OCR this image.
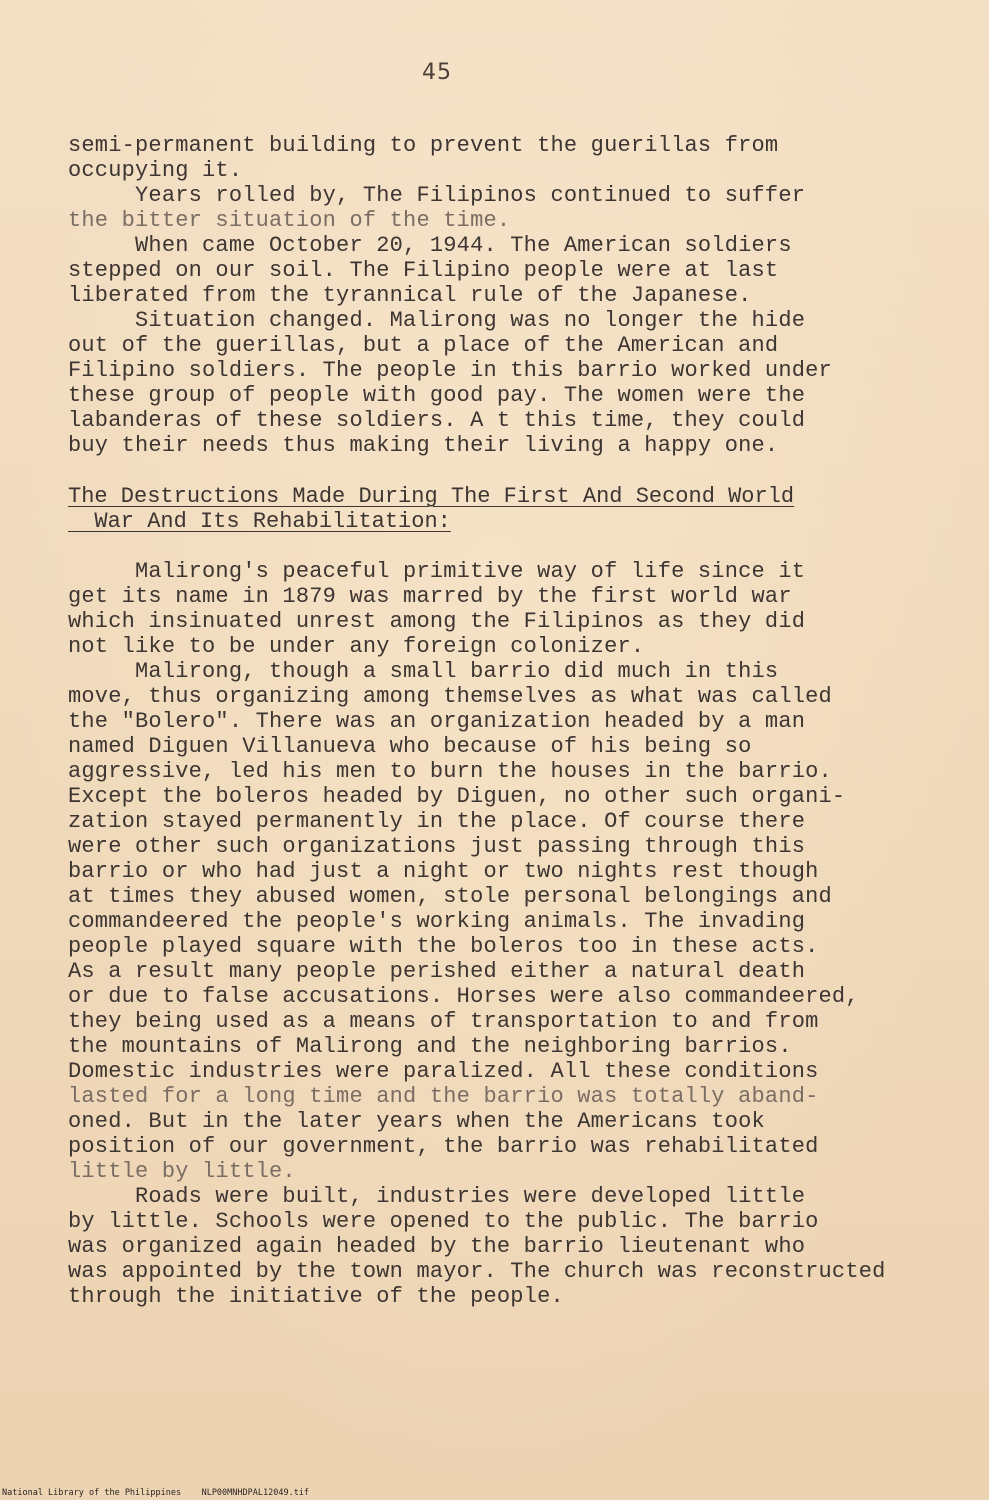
45
semi-permanent building to prevent the guerillas from
occupying it.
Years rolled by, The Filipinos continued to suffer
the bitter situation of the time.
When came October 20, 1944. The American soldiers
stepped on our soil. The Filipino people were at last
liberated from the tyrannical rule of the Japanese.
Situation changed. Malirong was no longer the hide
out of the guerillas, but a place of the American and
Filipino soldiers. The people in this barrio worked under
these group of people with good pay. The women were the
labanderas of these soldiers. A t this time, they could
buy their needs thus making their living a happy one.
The Destructions Made During The First And Second World
War And Its Rehabilitation:
Malirong's peaceful primitive way of life since it
get its name in 1879 was marred by the first world war
which insinuated unrest among the Filipinos as they did
not like to be under any foreign colonizer.
Malirong, though a small barrio did much in this
move, thus organizing among themselves as what was called
the "Bolero". There was an organization headed by a man
named Diguen Villanueva who because of his being so
aggressive, led his men to burn the houses in the barrio.
Except the boleros headed by Diguen, no other such organi-
zation stayed permanently in the place. Of course there
were other such organizations just passing through this
barrio or who had just a night or two nights rest though
at times they abused women, stole personal belongings and
commandeered the people's working animals. The invading
people played square with the boleros too in these acts.
As a result many people perished either a natural death
or due to false accusations. Horses were also commandeered,
they being used as a means of transportation to and from
the mountains of Malirong and the neighboring barrios.
Domestic industries were paralized. All these conditions
lasted for a long time and the barrio was totally aband-
oned. But in the later years when the Americans took
position of our government, the barrio was rehabilitated
little by little.
Roads were built, industries were developed little
by little. Schools were opened to the public. The barrio
was organized again headed by the barrio lieutenant who
was appointed by the town mayor. The church was reconstructed
through the initiative of the people.
National Library of the Philippines    NLP00MNHDPAL12049.tif
